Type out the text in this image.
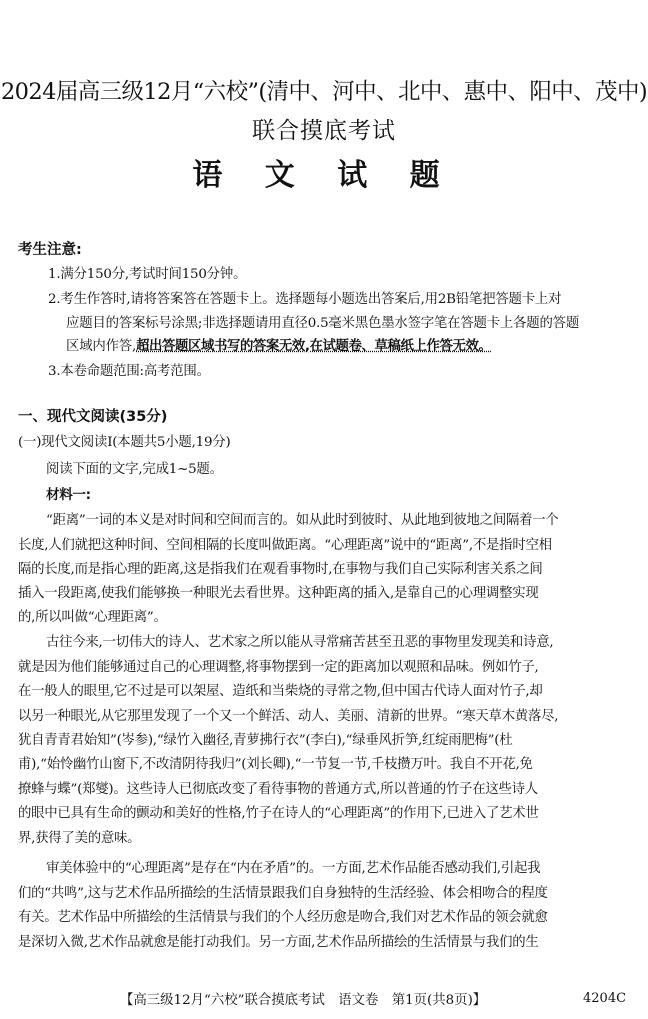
2024届高三级12月“六校”(清中、河中、北中、惠中、阳中、茂中)
联合摸底考试
语 文 试 题
考生注意:
1.满分150分,考试时间150分钟。
2.考生作答时,请将答案答在答题卡上。选择题每小题选出答案后,用2B铅笔把答题卡上对
应题目的答案标号涂黑;非选择题请用直径0.5毫米黑色墨水签字笔在答题卡上各题的答题
区域内作答,超出答题区域书写的答案无效,在试题卷、草稿纸上作答无效。
3.本卷命题范围:高考范围。
一、现代文阅读(35分)
(一)现代文阅读Ⅰ(本题共5小题,19分)
阅读下面的文字,完成1~5题。
材料一:
“距离”一词的本义是对时间和空间而言的。如从此时到彼时、从此地到彼地之间隔着一个
长度,人们就把这种时间、空间相隔的长度叫做距离。“心理距离”说中的“距离”,不是指时空相
隔的长度,而是指心理的距离,这是指我们在观看事物时,在事物与我们自己实际利害关系之间
插入一段距离,使我们能够换一种眼光去看世界。这种距离的插入,是靠自己的心理调整实现
的,所以叫做“心理距离”。
古往今来,一切伟大的诗人、艺术家之所以能从寻常痛苦甚至丑恶的事物里发现美和诗意,
就是因为他们能够通过自己的心理调整,将事物摆到一定的距离加以观照和品味。例如竹子,
在一般人的眼里,它不过是可以架屋、造纸和当柴烧的寻常之物,但中国古代诗人面对竹子,却
以另一种眼光,从它那里发现了一个又一个鲜活、动人、美丽、清新的世界。“寒天草木黄落尽,
犹自青青君始知”(岑参),“绿竹入幽径,青萝拂行衣”(李白),“绿垂风折笋,红绽雨肥梅”(杜
甫),“始怜幽竹山窗下,不改清阴待我归”(刘长卿),“一节复一节,千枝攒万叶。我自不开花,免
撩蜂与蝶”(郑燮)。这些诗人已彻底改变了看待事物的普通方式,所以普通的竹子在这些诗人
的眼中已具有生命的颤动和美好的性格,竹子在诗人的“心理距离”的作用下,已进入了艺术世
界,获得了美的意味。
审美体验中的“心理距离”是存在“内在矛盾”的。一方面,艺术作品能否感动我们,引起我
们的“共鸣”,这与艺术作品所描绘的生活情景跟我们自身独特的生活经验、体会相吻合的程度
有关。艺术作品中所描绘的生活情景与我们的个人经历愈是吻合,我们对艺术作品的领会就愈
是深切入微,艺术作品就愈是能打动我们。另一方面,艺术作品所描绘的生活情景与我们的生
【高三级12月“六校”联合摸底考试　语文卷　第1页(共8页)】	4204C
